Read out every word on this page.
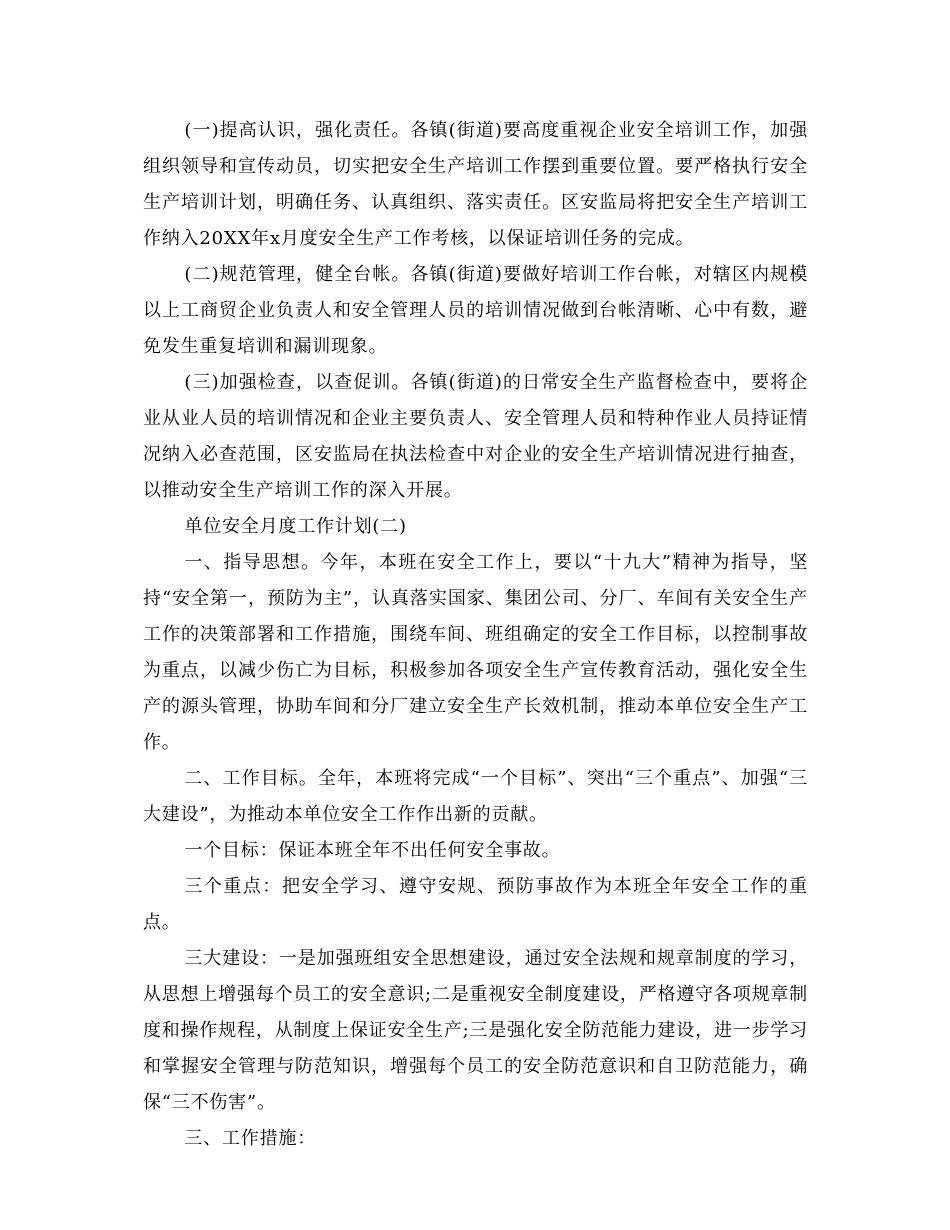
(一)提高认识，强化责任。各镇(街道)要高度重视企业安全培训工作，加强组织领导和宣传动员，切实把安全生产培训工作摆到重要位置。要严格执行安全生产培训计划，明确任务、认真组织、落实责任。区安监局将把安全生产培训工作纳入20XX年x月度安全生产工作考核，以保证培训任务的完成。

(二)规范管理，健全台帐。各镇(街道)要做好培训工作台帐，对辖区内规模以上工商贸企业负责人和安全管理人员的培训情况做到台帐清晰、心中有数，避免发生重复培训和漏训现象。

(三)加强检查，以查促训。各镇(街道)的日常安全生产监督检查中，要将企业从业人员的培训情况和企业主要负责人、安全管理人员和特种作业人员持证情况纳入必查范围，区安监局在执法检查中对企业的安全生产培训情况进行抽查，以推动安全生产培训工作的深入开展。

单位安全月度工作计划(二)

一、指导思想。今年，本班在安全工作上，要以“十九大”精神为指导，坚持“安全第一，预防为主”，认真落实国家、集团公司、分厂、车间有关安全生产工作的决策部署和工作措施，围绕车间、班组确定的安全工作目标，以控制事故为重点，以减少伤亡为目标，积极参加各项安全生产宣传教育活动，强化安全生产的源头管理，协助车间和分厂建立安全生产长效机制，推动本单位安全生产工作。

二、工作目标。全年，本班将完成“一个目标”、突出“三个重点”、加强“三大建设”，为推动本单位安全工作作出新的贡献。

一个目标：保证本班全年不出任何安全事故。

三个重点：把安全学习、遵守安规、预防事故作为本班全年安全工作的重点。

三大建设：一是加强班组安全思想建设，通过安全法规和规章制度的学习，从思想上增强每个员工的安全意识;二是重视安全制度建设，严格遵守各项规章制度和操作规程，从制度上保证安全生产;三是强化安全防范能力建设，进一步学习和掌握安全管理与防范知识，增强每个员工的安全防范意识和自卫防范能力，确保“三不伤害”。

三、工作措施：
